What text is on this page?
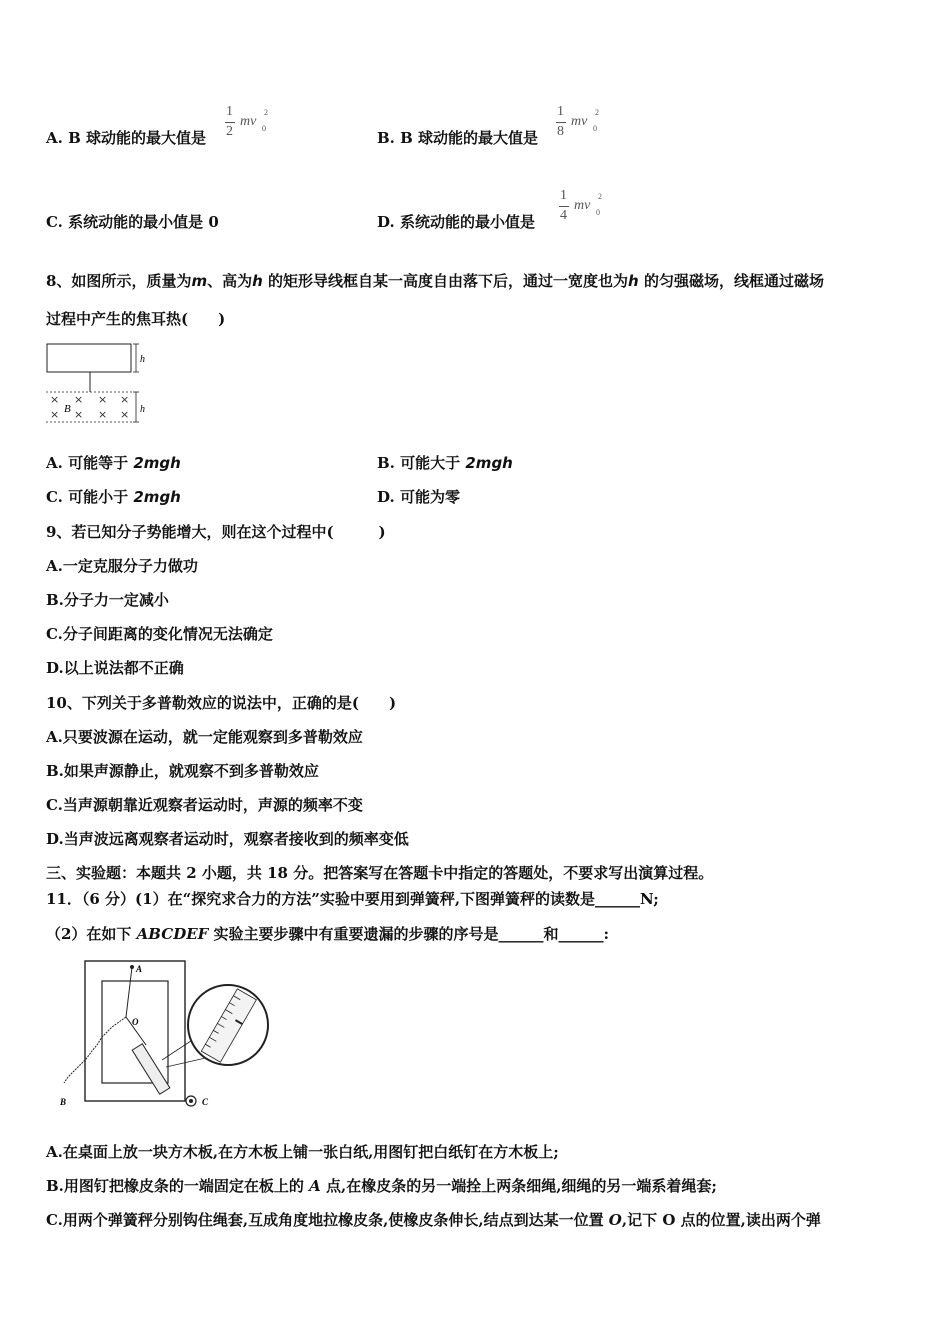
A. B 球动能的最大值是
1
2
mv
2
0
B. B 球动能的最大值是
1
8
mv
2
0
C. 系统动能的最小值是 0	D. 系统动能的最小值是
1
4
mv
2
0
8、如图所示，质量为m、高为h 的矩形导线框自某一高度自由落下后，通过一宽度也为h 的匀强磁场，线框通过磁场
过程中产生的焦耳热(　　)
h
h
× × × ×
× × × ×
B
A. 可能等于 2mgh	B. 可能大于 2mgh
C. 可能小于 2mgh	D. 可能为零
9、若已知分子势能增大，则在这个过程中(　　　)
A.一定克服分子力做功
B.分子力一定减小
C.分子间距离的变化情况无法确定
D.以上说法都不正确
10、下列关于多普勒效应的说法中，正确的是(　　)
A.只要波源在运动，就一定能观察到多普勒效应
B.如果声源静止，就观察不到多普勒效应
C.当声源朝靠近观察者运动时，声源的频率不变
D.当声波远离观察者运动时，观察者接收到的频率变低
三、实验题：本题共 2 小题，共 18 分。把答案写在答题卡中指定的答题处，不要求写出演算过程。
11．（6 分）(1）在“探究求合力的方法”实验中要用到弹簧秤,下图弹簧秤的读数是______N;
（2）在如下 ABCDEF 实验主要步骤中有重要遗漏的步骤的序号是______和______:
A
O
B	C
A.在桌面上放一块方木板,在方木板上铺一张白纸,用图钉把白纸钉在方木板上;
B.用图钉把橡皮条的一端固定在板上的 A 点,在橡皮条的另一端拴上两条细绳,细绳的另一端系着绳套;
C.用两个弹簧秤分别钩住绳套,互成角度地拉橡皮条,使橡皮条伸长,结点到达某一位置 O,记下 O 点的位置,读出两个弹
